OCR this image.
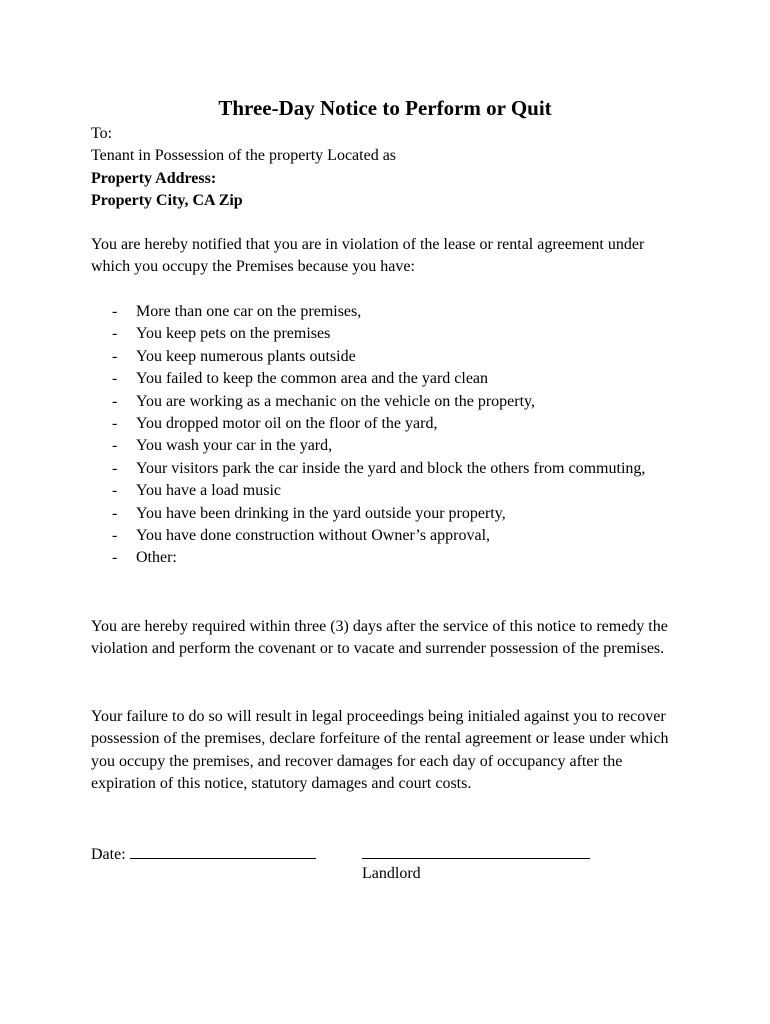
Three-Day Notice to Perform or Quit
To:
Tenant in Possession of the property Located as
Property Address:
Property City, CA Zip
You are hereby notified that you are in violation of the lease or rental agreement under which you occupy the Premises because you have:
- More than one car on the premises,
- You keep pets on the premises
- You keep numerous plants outside
- You failed to keep the common area and the yard clean
- You are working as a mechanic on the vehicle on the property,
- You dropped motor oil on the floor of the yard,
- You wash your car in the yard,
- Your visitors park the car inside the yard and block the others from commuting,
- You have a load music
- You have been drinking in the yard outside your property,
- You have done construction without Owner’s approval,
- Other:
You are hereby required within three (3) days after the service of this notice to remedy the violation and perform the covenant or to vacate and surrender possession of the premises.
Your failure to do so will result in legal proceedings being initialed against you to recover possession of the premises, declare forfeiture of the rental agreement or lease under which you occupy the premises, and recover damages for each day of occupancy after the expiration of this notice, statutory damages and court costs.
Date:
Landlord
